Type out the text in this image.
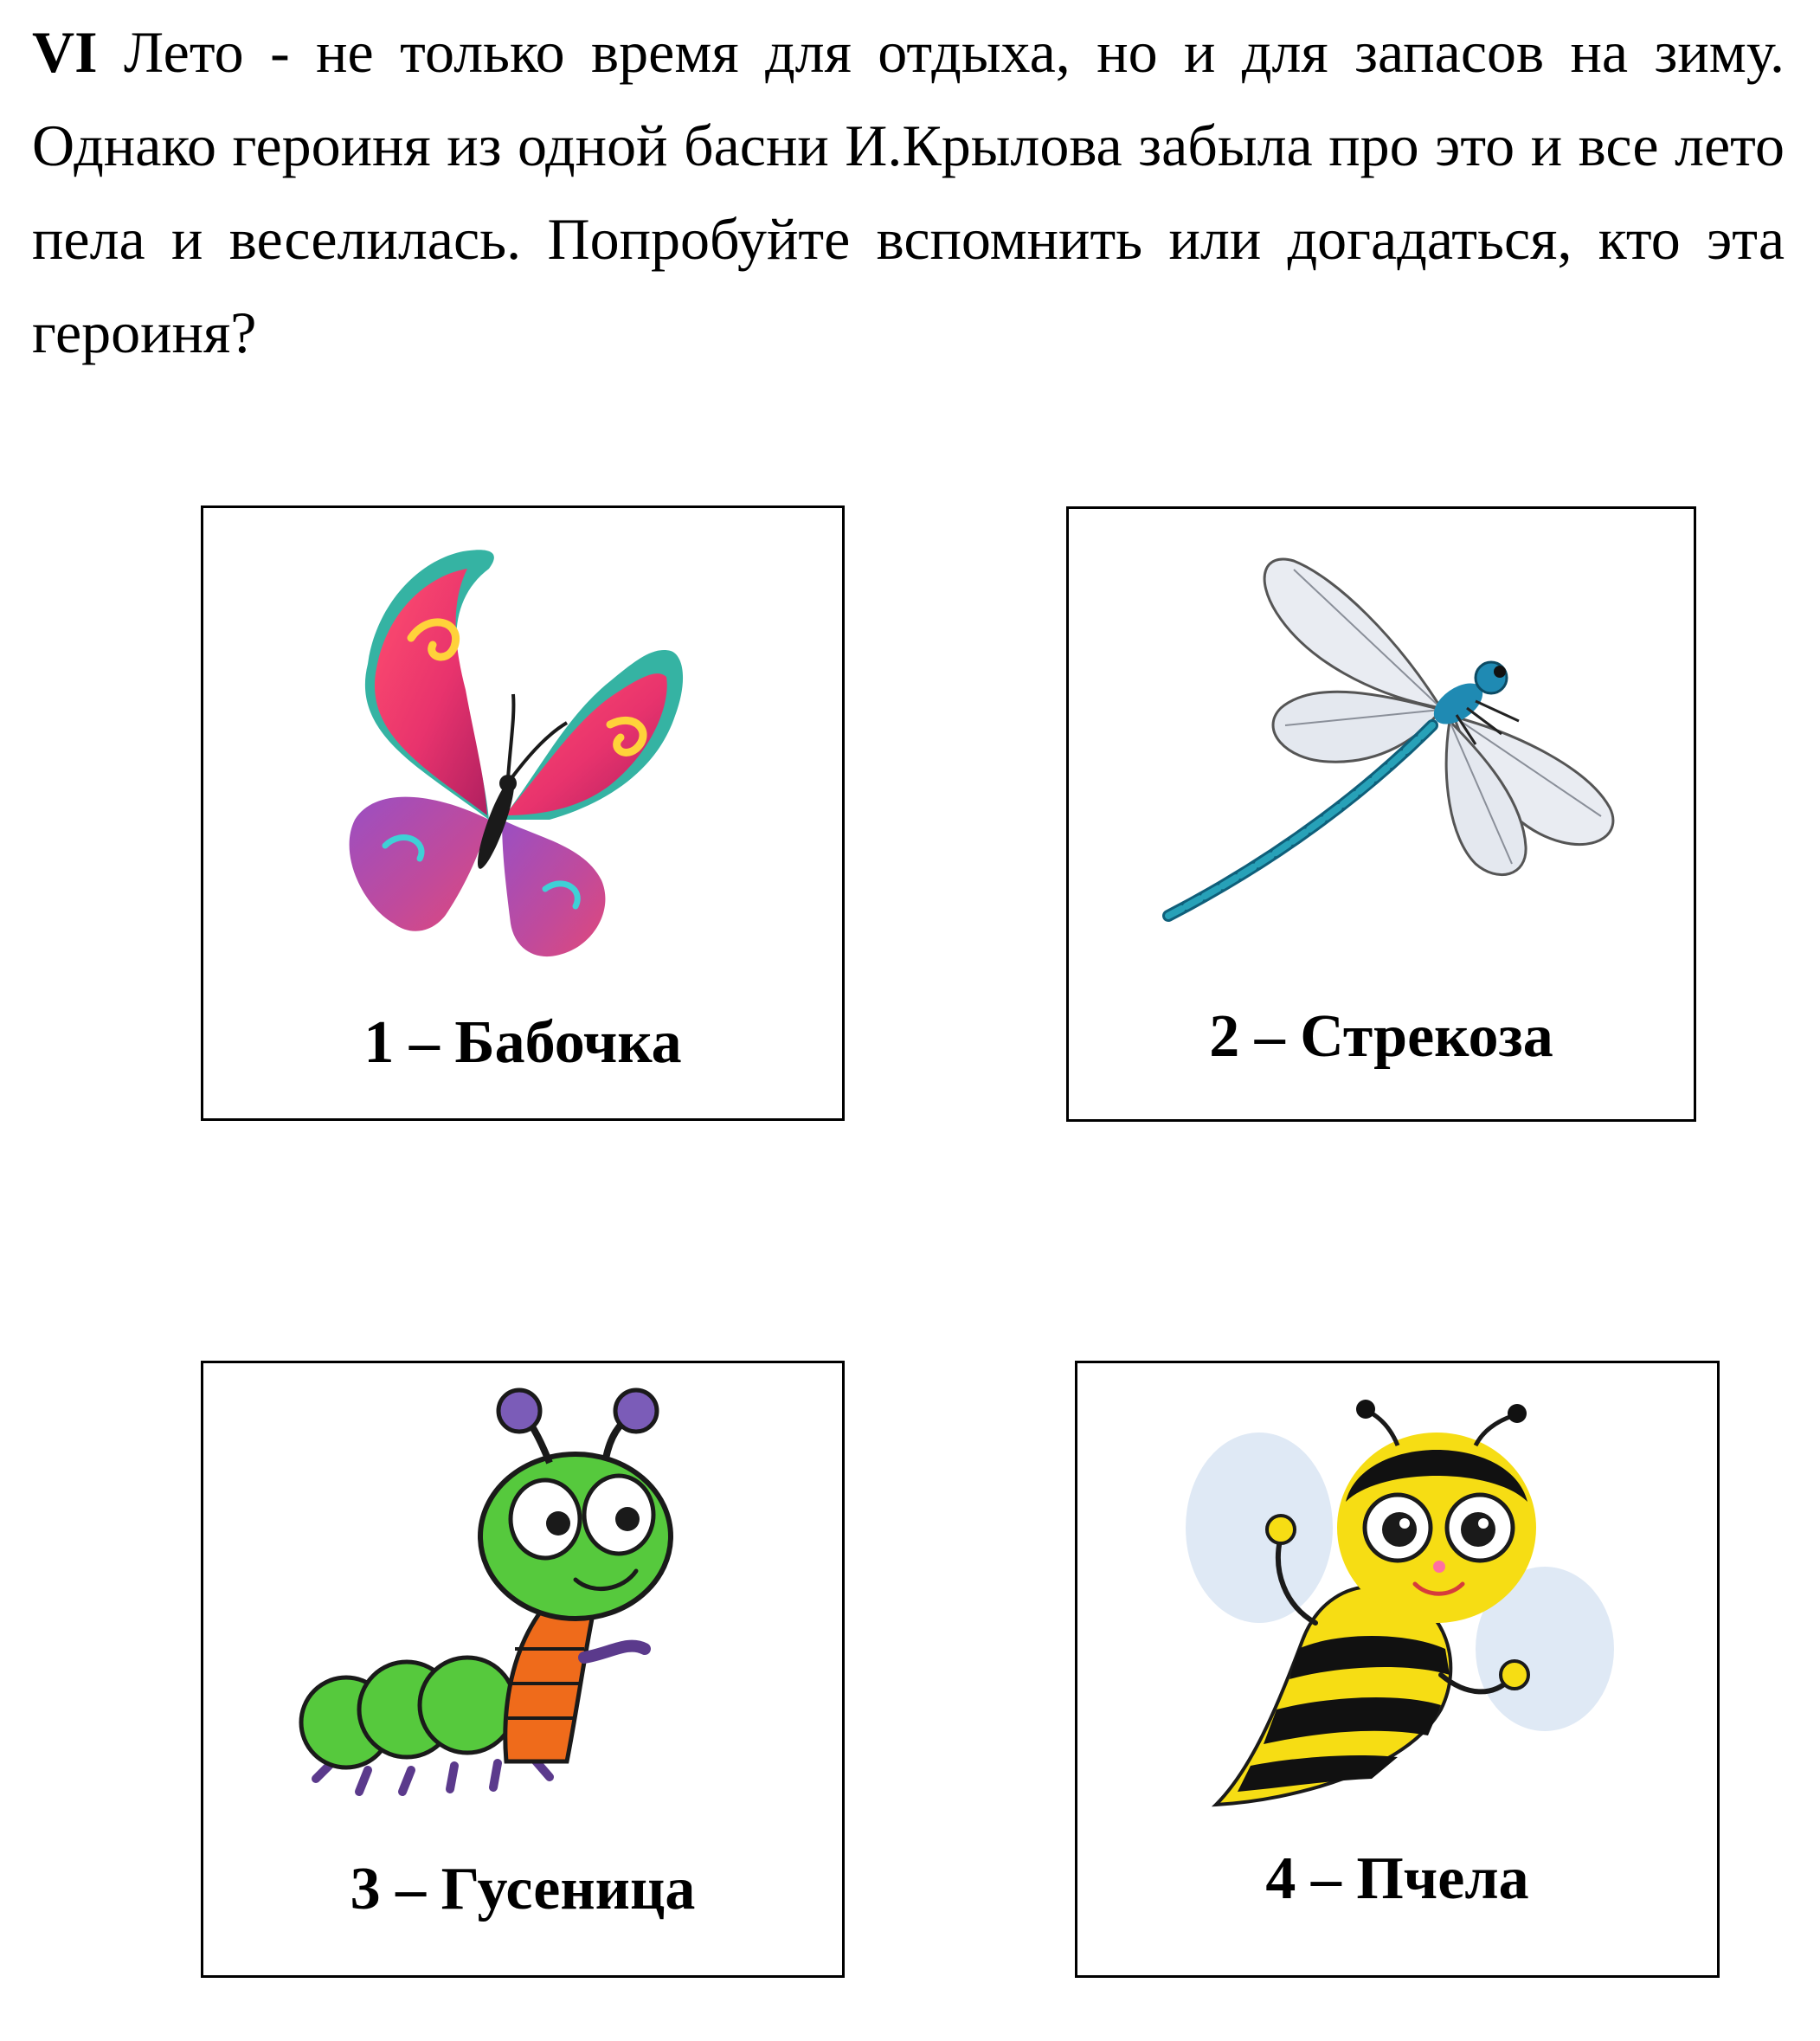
VI Лето - не только время для отдыха, но и для запасов на зиму. Однако героиня из одной басни И.Крылова забыла про это и все лето пела и веселилась. Попробуйте вспомнить или догадаться, кто эта героиня?

1 – Бабочка	2 – Стрекоза
3 – Гусеница	4 – Пчела
